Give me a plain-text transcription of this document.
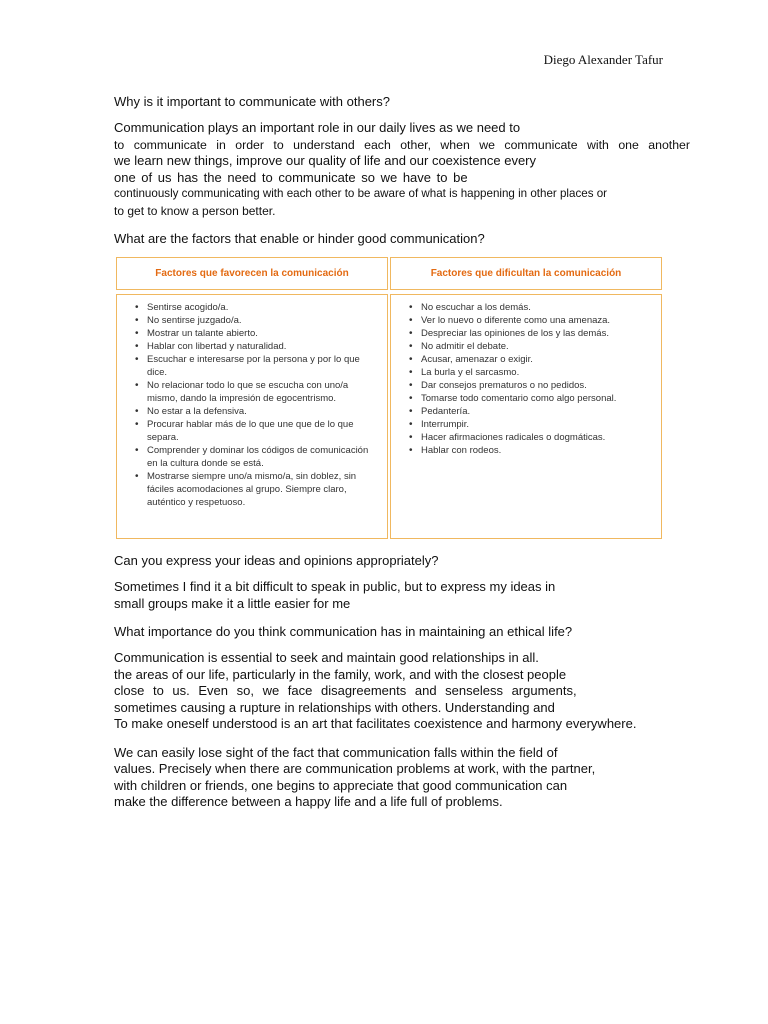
Diego Alexander Tafur
Why is it important to communicate with others?
Communication plays an important role in our daily lives as we need to
to communicate in order to understand each other, when we communicate with one another
we learn new things, improve our quality of life and our coexistence every
one of us has the need to communicate so we have to be
continuously communicating with each other to be aware of what is happening in other places or
to get to know a person better.
What are the factors that enable or hinder good communication?
Factores que favorecen la comunicación	Factores que dificultan la comunicación
• Sentirse acogido/a.
• No sentirse juzgado/a.
• Mostrar un talante abierto.
• Hablar con libertad y naturalidad.
• Escuchar e interesarse por la persona y por lo que dice.
• No relacionar todo lo que se escucha con uno/a mismo, dando la impresión de egocentrismo.
• No estar a la defensiva.
• Procurar hablar más de lo que une que de lo que separa.
• Comprender y dominar los códigos de comunicación en la cultura donde se está.
• Mostrarse siempre uno/a mismo/a, sin doblez, sin fáciles acomodaciones al grupo. Siempre claro, auténtico y respetuoso.
• No escuchar a los demás.
• Ver lo nuevo o diferente como una amenaza.
• Despreciar las opiniones de los y las demás.
• No admitir el debate.
• Acusar, amenazar o exigir.
• La burla y el sarcasmo.
• Dar consejos prematuros o no pedidos.
• Tomarse todo comentario como algo personal.
• Pedantería.
• Interrumpir.
• Hacer afirmaciones radicales o dogmáticas.
• Hablar con rodeos.
Can you express your ideas and opinions appropriately?
Sometimes I find it a bit difficult to speak in public, but to express my ideas in
small groups make it a little easier for me
What importance do you think communication has in maintaining an ethical life?
Communication is essential to seek and maintain good relationships in all.
the areas of our life, particularly in the family, work, and with the closest people
close to us. Even so, we face disagreements and senseless arguments,
sometimes causing a rupture in relationships with others. Understanding and
To make oneself understood is an art that facilitates coexistence and harmony everywhere.
We can easily lose sight of the fact that communication falls within the field of
values. Precisely when there are communication problems at work, with the partner,
with children or friends, one begins to appreciate that good communication can
make the difference between a happy life and a life full of problems.
